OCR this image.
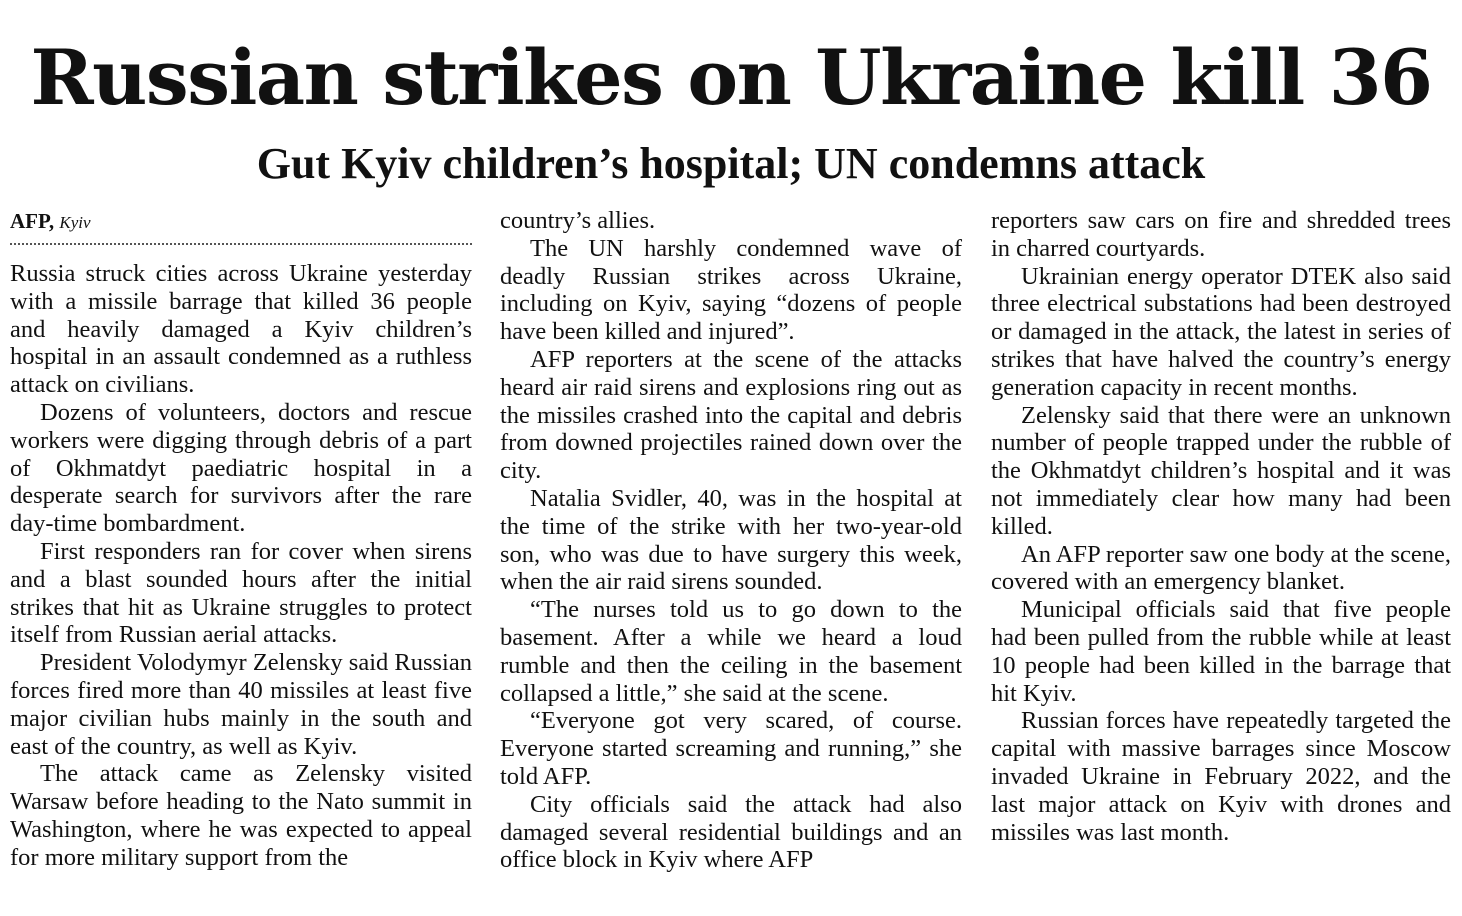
Russian strikes on Ukraine kill 36
Gut Kyiv children’s hospital; UN condemns attack
AFP, Kyiv

Russia struck cities across Ukraine yesterday with a missile barrage that killed 36 people and heavily damaged a Kyiv children’s hospital in an assault condemned as a ruthless attack on civilians.

Dozens of volunteers, doctors and rescue workers were digging through debris of a part of Okhmatdyt paediatric hospital in a desperate search for survivors after the rare day-time bombardment.

First responders ran for cover when sirens and a blast sounded hours after the initial strikes that hit as Ukraine struggles to protect itself from Russian aerial attacks.

President Volodymyr Zelensky said Russian forces fired more than 40 missiles at least five major civilian hubs mainly in the south and east of the country, as well as Kyiv.

The attack came as Zelensky visited Warsaw before heading to the Nato summit in Washington, where he was expected to appeal for more military support from the

country’s allies.

The UN harshly condemned wave of deadly Russian strikes across Ukraine, including on Kyiv, saying “dozens of people have been killed and injured”.

AFP reporters at the scene of the attacks heard air raid sirens and explosions ring out as the missiles crashed into the capital and debris from downed projectiles rained down over the city.

Natalia Svidler, 40, was in the hospital at the time of the strike with her two-year-old son, who was due to have surgery this week, when the air raid sirens sounded.

“The nurses told us to go down to the basement. After a while we heard a loud rumble and then the ceiling in the basement collapsed a little,” she said at the scene.

“Everyone got very scared, of course. Everyone started screaming and running,” she told AFP.

City officials said the attack had also damaged several residential buildings and an office block in Kyiv where AFP

reporters saw cars on fire and shredded trees in charred courtyards.

Ukrainian energy operator DTEK also said three electrical substations had been destroyed or damaged in the attack, the latest in series of strikes that have halved the country’s energy generation capacity in recent months.

Zelensky said that there were an unknown number of people trapped under the rubble of the Okhmatdyt children’s hospital and it was not immediately clear how many had been killed.

An AFP reporter saw one body at the scene, covered with an emergency blanket.

Municipal officials said that five people had been pulled from the rubble while at least 10 people had been killed in the barrage that hit Kyiv.

Russian forces have repeatedly targeted the capital with massive barrages since Moscow invaded Ukraine in February 2022, and the last major attack on Kyiv with drones and missiles was last month.
